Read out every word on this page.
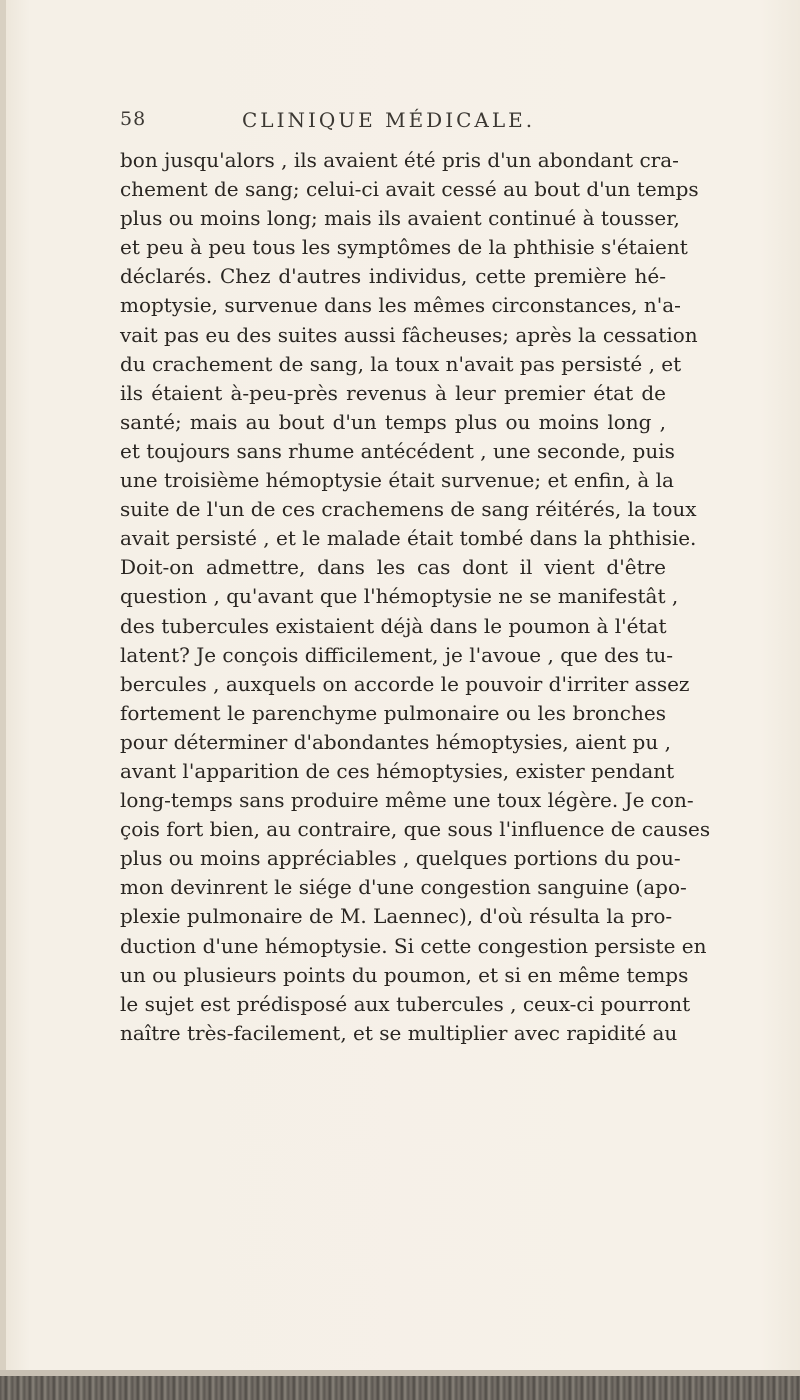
58	CLINIQUE MÉDICALE.
bon jusqu'alors , ils avaient été pris d'un abondant cra-
chement de sang; celui-ci avait cessé au bout d'un temps
plus ou moins long; mais ils avaient continué à tousser,
et peu à peu tous les symptômes de la phthisie s'étaient
déclarés. Chez d'autres individus, cette première hé-
moptysie, survenue dans les mêmes circonstances, n'a-
vait pas eu des suites aussi fâcheuses; après la cessation
du crachement de sang, la toux n'avait pas persisté , et
ils étaient à-peu-près revenus à leur premier état de
santé; mais au bout d'un temps plus ou moins long ,
et toujours sans rhume antécédent , une seconde, puis
une troisième hémoptysie était survenue; et enfin, à la
suite de l'un de ces crachemens de sang réitérés, la toux
avait persisté , et le malade était tombé dans la phthisie.
Doit-on admettre, dans les cas dont il vient d'être
question , qu'avant que l'hémoptysie ne se manifestât ,
des tubercules existaient déjà dans le poumon à l'état
latent? Je conçois difficilement, je l'avoue , que des tu-
bercules , auxquels on accorde le pouvoir d'irriter assez
fortement le parenchyme pulmonaire ou les bronches
pour déterminer d'abondantes hémoptysies, aient pu ,
avant l'apparition de ces hémoptysies, exister pendant
long-temps sans produire même une toux légère. Je con-
çois fort bien, au contraire, que sous l'influence de causes
plus ou moins appréciables , quelques portions du pou-
mon devinrent le siége d'une congestion sanguine (apo-
plexie pulmonaire de M. Laennec), d'où résulta la pro-
duction d'une hémoptysie. Si cette congestion persiste en
un ou plusieurs points du poumon, et si en même temps
le sujet est prédisposé aux tubercules , ceux-ci pourront
naître très-facilement, et se multiplier avec rapidité au
